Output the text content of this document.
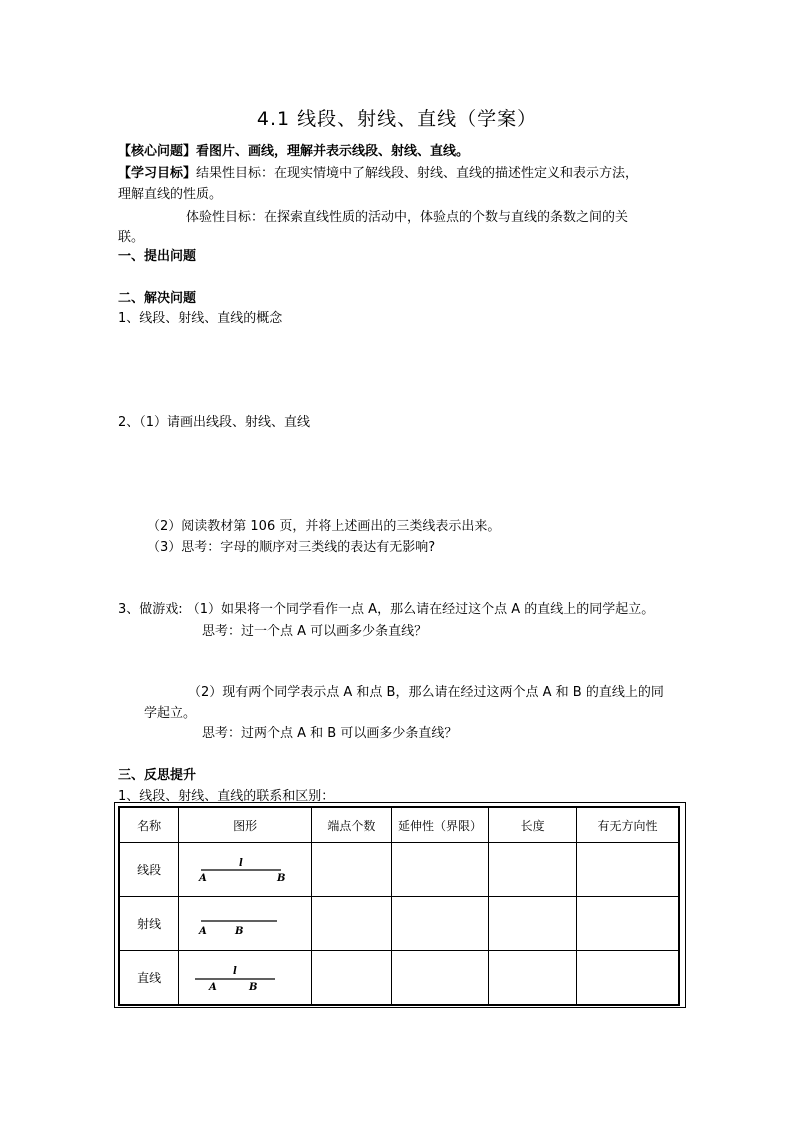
4.1 线段、射线、直线（学案）
【核心问题】看图片、画线，理解并表示线段、射线、直线。
【学习目标】结果性目标：在现实情境中了解线段、射线、直线的描述性定义和表示方法，
理解直线的性质。
体验性目标：在探索直线性质的活动中，体验点的个数与直线的条数之间的关
联。
一、提出问题
二、解决问题
1、线段、射线、直线的概念
2、（1）请画出线段、射线、直线
（2）阅读教材第 106 页，并将上述画出的三类线表示出来。
（3）思考：字母的顺序对三类线的表达有无影响?
3、做游戏: （1）如果将一个同学看作一点 A，那么请在经过这个点 A 的直线上的同学起立。
思考：过一个点 A 可以画多少条直线？
（2）现有两个同学表示点 A 和点 B，那么请在经过这两个点 A 和 B 的直线上的同
学起立。
思考：过两个点 A 和 B 可以画多少条直线？
三、反思提升
1、线段、射线、直线的联系和区别：
名称	图形	端点个数	延伸性（界限）	长度	有无方向性
线段	l
A B				

射线	A B				

直线	l
A B				
